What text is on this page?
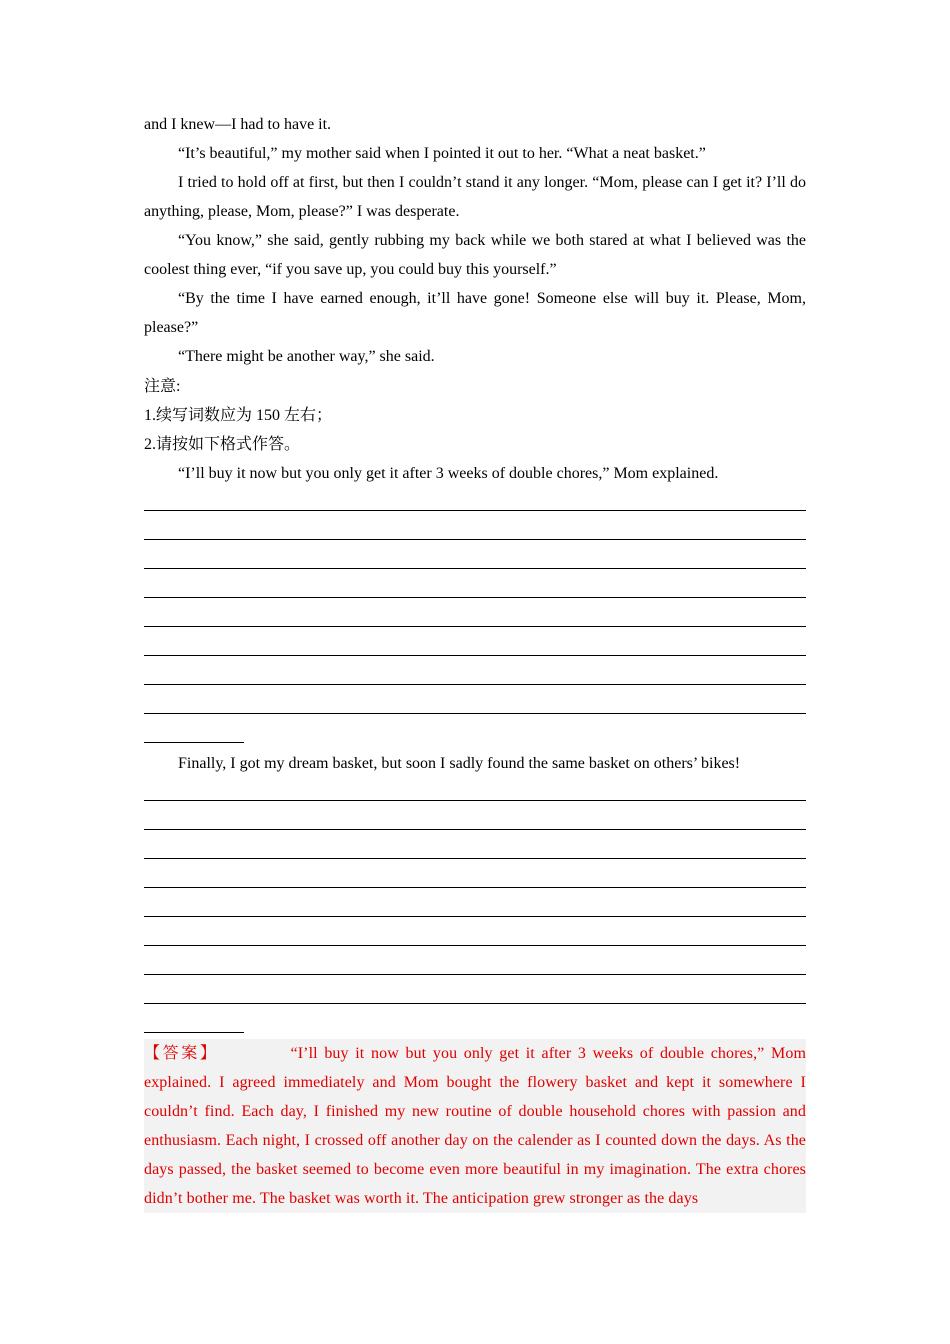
and I knew—I had to have it.

“It’s beautiful,” my mother said when I pointed it out to her. “What a neat basket.”

I tried to hold off at first, but then I couldn’t stand it any longer. “Mom, please can I get it? I’ll do anything, please, Mom, please?” I was desperate.

“You know,” she said, gently rubbing my back while we both stared at what I believed was the coolest thing ever, “if you save up, you could buy this yourself.”

“By the time I have earned enough, it’ll have gone! Someone else will buy it. Please, Mom, please?”

“There might be another way,” she said.

注意:

1.续写词数应为 150 左右；

2.请按如下格式作答。

“I’ll buy it now but you only get it after 3 weeks of double chores,” Mom explained.

Finally, I got my dream basket, but soon I sadly found the same basket on others’ bikes!

【答案】	“I’ll buy it now but you only get it after 3 weeks of double chores,” Mom explained. I agreed immediately and Mom bought the flowery basket and kept it somewhere I couldn’t find. Each day, I finished my new routine of double household chores with passion and enthusiasm. Each night, I crossed off another day on the calender as I counted down the days. As the days passed, the basket seemed to become even more beautiful in my imagination. The extra chores didn’t bother me. The basket was worth it. The anticipation grew stronger as the days
